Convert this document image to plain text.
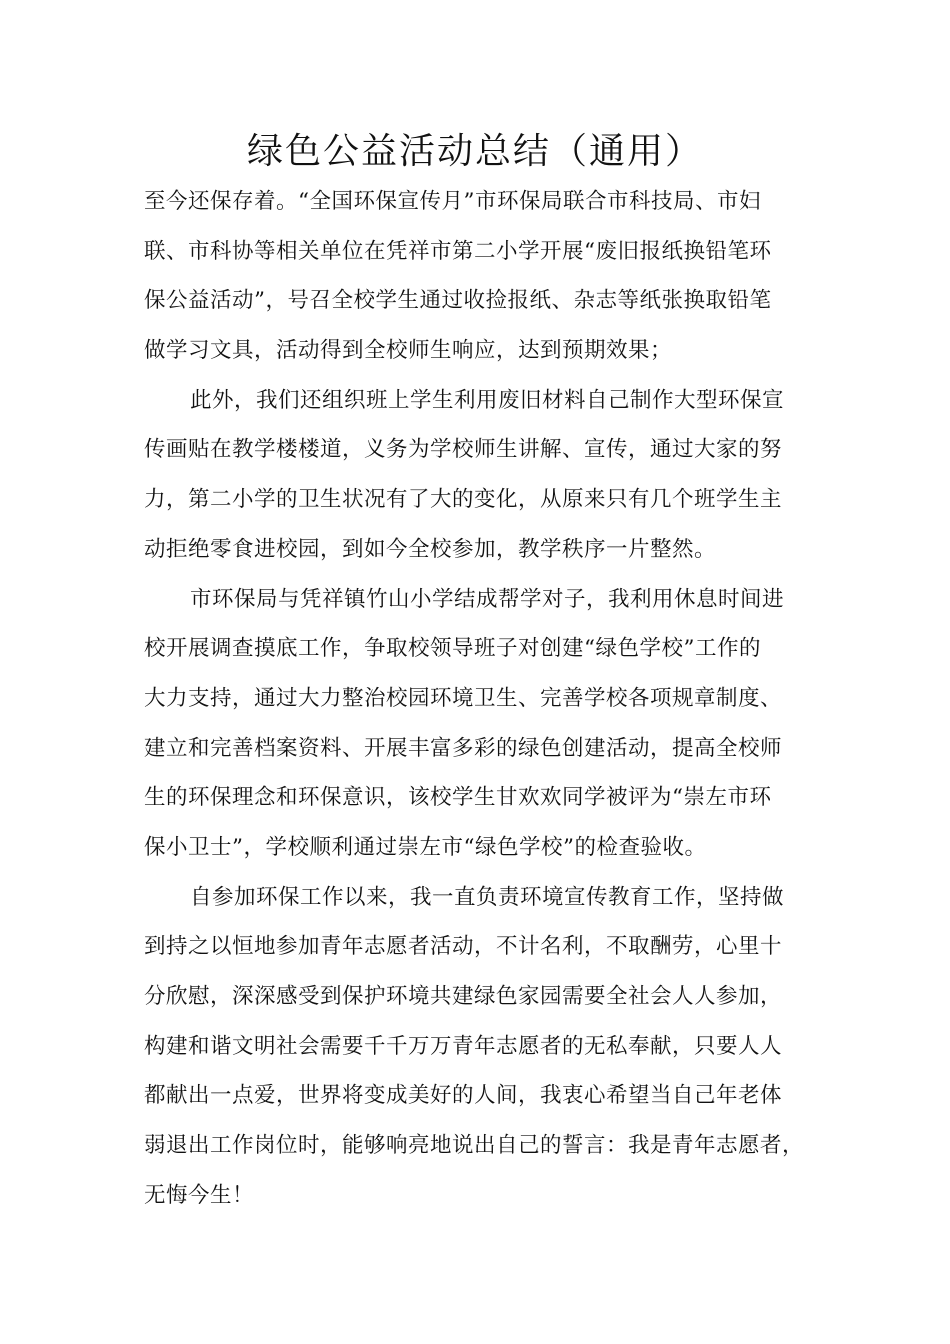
绿色公益活动总结（通用）
至今还保存着。“全国环保宣传月”市环保局联合市科技局、市妇
联、市科协等相关单位在凭祥市第二小学开展“废旧报纸换铅笔环
保公益活动”，号召全校学生通过收捡报纸、杂志等纸张换取铅笔
做学习文具，活动得到全校师生响应，达到预期效果；
此外，我们还组织班上学生利用废旧材料自己制作大型环保宣
传画贴在教学楼楼道，义务为学校师生讲解、宣传，通过大家的努
力，第二小学的卫生状况有了大的变化，从原来只有几个班学生主
动拒绝零食进校园，到如今全校参加，教学秩序一片整然。
市环保局与凭祥镇竹山小学结成帮学对子，我利用休息时间进
校开展调查摸底工作，争取校领导班子对创建“绿色学校”工作的
大力支持，通过大力整治校园环境卫生、完善学校各项规章制度、
建立和完善档案资料、开展丰富多彩的绿色创建活动，提高全校师
生的环保理念和环保意识，该校学生甘欢欢同学被评为“崇左市环
保小卫士”，学校顺利通过崇左市“绿色学校”的检查验收。
自参加环保工作以来，我一直负责环境宣传教育工作，坚持做
到持之以恒地参加青年志愿者活动，不计名利，不取酬劳，心里十
分欣慰，深深感受到保护环境共建绿色家园需要全社会人人参加，
构建和谐文明社会需要千千万万青年志愿者的无私奉献，只要人人
都献出一点爱，世界将变成美好的人间，我衷心希望当自己年老体
弱退出工作岗位时，能够响亮地说出自己的誓言：我是青年志愿者，
无悔今生！
